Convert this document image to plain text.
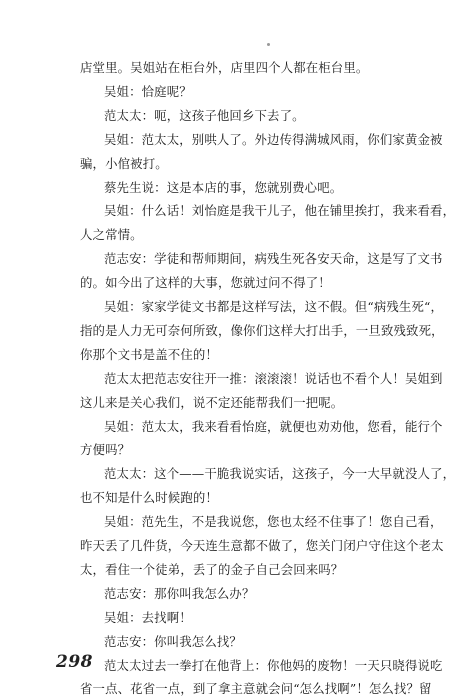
店堂里。吴姐站在柜台外，店里四个人都在柜台里。
吴姐：恰庭呢？
范太太：呃，这孩子他回乡下去了。
吴姐：范太太，别哄人了。外边传得满城风雨，你们家黄金被
骗，小倌被打。
蔡先生说：这是本店的事，您就别费心吧。
吴姐：什么话！刘怡庭是我干儿子，他在铺里挨打，我来看看，
人之常情。
范志安：学徒和帮师期间，病残生死各安天命，这是写了文书
的。如今出了这样的大事，您就过问不得了！
吴姐：家家学徒文书都是这样写法，这不假。但“病残生死“，
指的是人力无可奈何所致，像你们这样大打出手，一旦致残致死，
你那个文书是盖不住的！
范太太把范志安往开一推：滚滚滚！说话也不看个人！吴姐到
这儿来是关心我们，说不定还能帮我们一把呢。
吴姐：范太太，我来看看怡庭，就便也劝劝他，您看，能行个
方便吗？
范太太：这个——干脆我说实话，这孩子，今一大早就没人了，
也不知是什么时候跑的！
吴姐：范先生，不是我说您，您也太经不住事了！您自己看，
昨天丢了几件货，今天连生意都不做了，您关门闭户守住这个老太
太，看住一个徒弟，丢了的金子自己会回来吗？
范志安：那你叫我怎么办？
吴姐：去找啊！
范志安：你叫我怎么找？
范太太过去一拳打在他背上：你他妈的废物！一天只晓得说吃
省一点、花省一点，到了拿主意就会问“怎么找啊”！怎么找？留
298
